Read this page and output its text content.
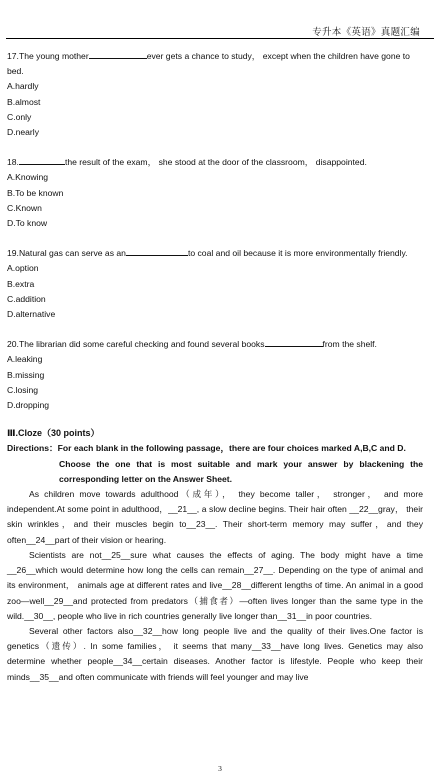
专升本《英语》真题汇编
17.The young mother	ever gets a chance to study， except when the children have gone to bed.
A.hardly
B.almost
C.only
D.nearly
18.	the result of the exam， she stood at the door of the classroom， disappointed.
A.Knowing
B.To be known
C.Known
D.To know
19.Natural gas can serve as an	to coal and oil because it is more environmentally friendly.
A.option
B.extra
C.addition
D.alternative
20.The librarian did some careful checking and found several books	from the shelf.
A.leaking
B.missing
C.losing
D.dropping
Ⅲ.Cloze（30 points）
Directions：For each blank in the following passage，there are four choices marked A,B,C and D.
Choose the one that is most suitable and mark your answer by blackening the corresponding letter on the Answer Sheet.
As children move towards adulthood（成年）， they become taller， stronger， and more independent.At some point in adulthood，__21__, a slow decline begins. Their hair often __22__gray， their skin wrinkles，and their muscles begin to__23__. Their short-term memory may suffer，and they often__24__part of their vision or hearing.
Scientists are not__25__sure what causes the effects of aging. The body might have a time __26__which would determine how long the cells can remain__27__. Depending on the type of animal and its environment， animals age at different rates and live__28__different lengths of time. An animal in a good zoo—well__29__and protected from predators（捕食者）—often lives longer than the same type in the wild.__30__, people who live in rich countries generally live longer than__31__in poor countries.
Several other factors also__32__how long people live and the quality of their lives.One factor is genetics（遗传）. In some families， it seems that many__33__have long lives. Genetics may also determine whether people__34__certain diseases. Another factor is lifestyle. People who keep their minds__35__and often communicate with friends will feel younger and may live
3
